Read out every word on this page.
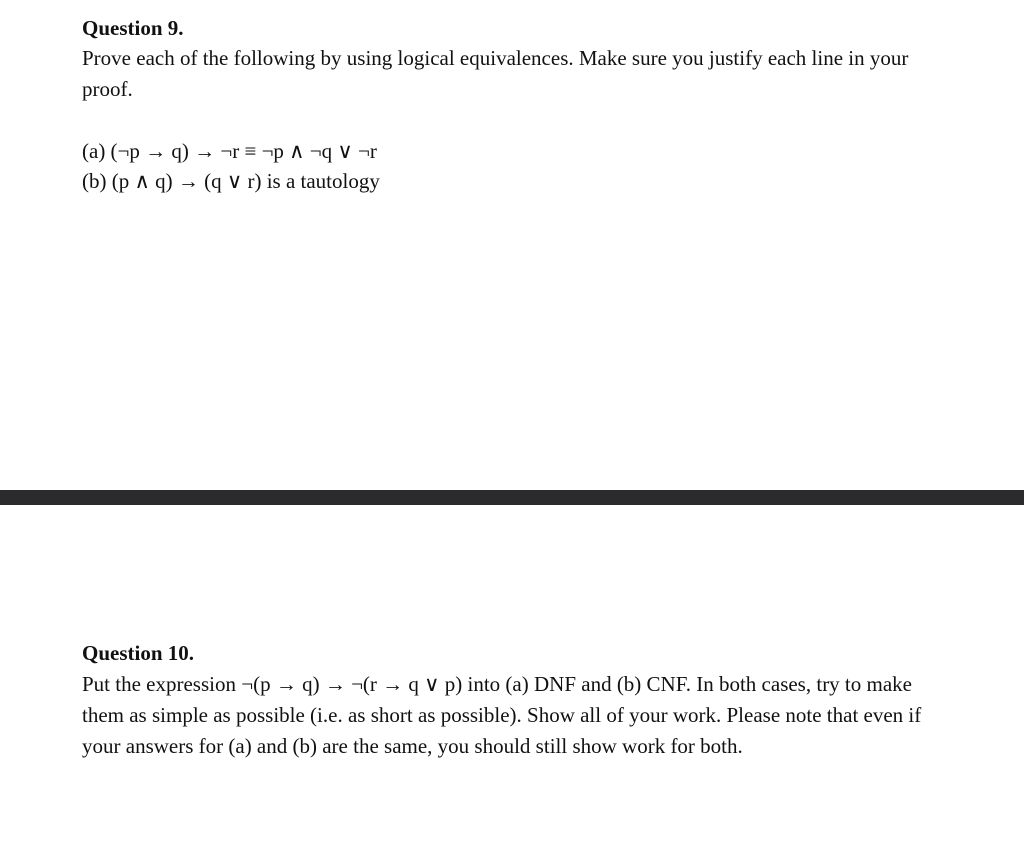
Question 9.

Prove each of the following by using logical equivalences. Make sure you justify each line in your proof.

(a) (¬p → q) → ¬r ≡ ¬p ∧ ¬q ∨ ¬r

(b) (p ∧ q) → (q ∨ r) is a tautology

Question 10.

Put the expression ¬(p → q) → ¬(r → q ∨ p) into (a) DNF and (b) CNF. In both cases, try to make them as simple as possible (i.e. as short as possible). Show all of your work. Please note that even if your answers for (a) and (b) are the same, you should still show work for both.
